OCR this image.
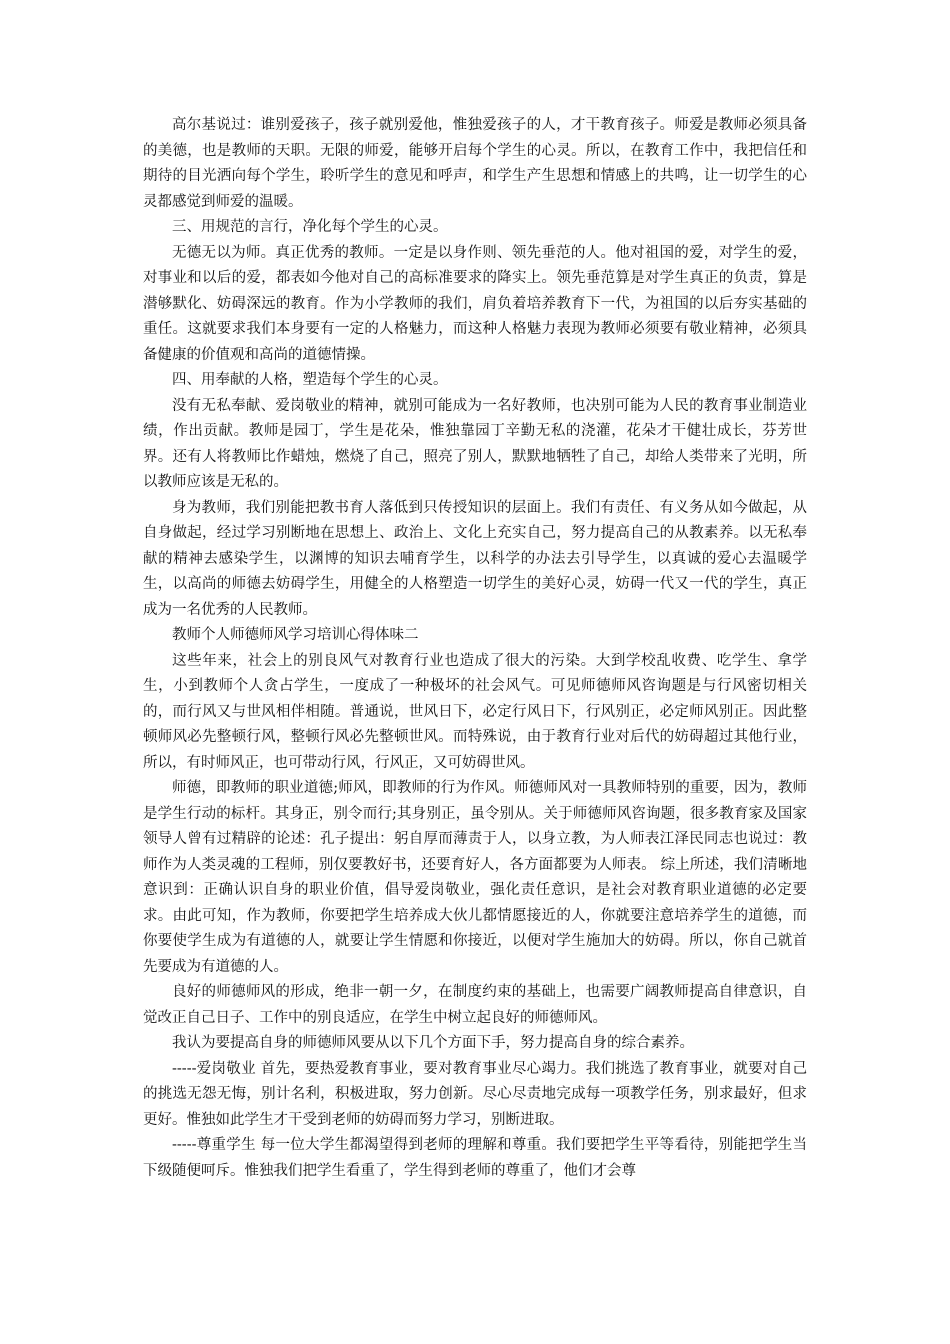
高尔基说过：谁别爱孩子，孩子就别爱他，惟独爱孩子的人，才干教育孩子。师爱是教师必须具备的美德，也是教师的天职。无限的师爱，能够开启每个学生的心灵。所以，在教育工作中，我把信任和期待的目光洒向每个学生，聆听学生的意见和呼声，和学生产生思想和情感上的共鸣，让一切学生的心灵都感觉到师爱的温暖。

三、用规范的言行，净化每个学生的心灵。

无德无以为师。真正优秀的教师。一定是以身作则、领先垂范的人。他对祖国的爱，对学生的爱，对事业和以后的爱，都表如今他对自己的高标准要求的降实上。领先垂范算是对学生真正的负责，算是潜够默化、妨碍深远的教育。作为小学教师的我们，肩负着培养教育下一代，为祖国的以后夯实基础的重任。这就要求我们本身要有一定的人格魅力，而这种人格魅力表现为教师必须要有敬业精神，必须具备健康的价值观和高尚的道德情操。

四、用奉献的人格，塑造每个学生的心灵。

没有无私奉献、爱岗敬业的精神，就别可能成为一名好教师，也决别可能为人民的教育事业制造业绩，作出贡献。教师是园丁，学生是花朵，惟独靠园丁辛勤无私的浇灌，花朵才干健壮成长，芬芳世界。还有人将教师比作蜡烛，燃烧了自己，照亮了别人，默默地牺牲了自己，却给人类带来了光明，所以教师应该是无私的。

身为教师，我们别能把教书育人落低到只传授知识的层面上。我们有责任、有义务从如今做起，从自身做起，经过学习别断地在思想上、政治上、文化上充实自己，努力提高自己的从教素养。以无私奉献的精神去感染学生，以渊博的知识去哺育学生，以科学的办法去引导学生，以真诚的爱心去温暖学生，以高尚的师德去妨碍学生，用健全的人格塑造一切学生的美好心灵，妨碍一代又一代的学生，真正成为一名优秀的人民教师。

教师个人师德师风学习培训心得体味二

这些年来，社会上的别良风气对教育行业也造成了很大的污染。大到学校乱收费、吃学生、拿学生，小到教师个人贪占学生，一度成了一种极坏的社会风气。可见师德师风咨询题是与行风密切相关的，而行风又与世风相伴相随。普通说，世风日下，必定行风日下，行风别正，必定师风别正。因此整顿师风必先整顿行风，整顿行风必先整顿世风。而特殊说，由于教育行业对后代的妨碍超过其他行业，所以，有时师风正，也可带动行风，行风正，又可妨碍世风。

师德，即教师的职业道德;师风，即教师的行为作风。师德师风对一具教师特别的重要，因为，教师是学生行动的标杆。其身正，别令而行;其身别正，虽令别从。关于师德师风咨询题，很多教育家及国家领导人曾有过精辟的论述：孔子提出：躬自厚而薄责于人，以身立教，为人师表江泽民同志也说过：教师作为人类灵魂的工程师，别仅要教好书，还要育好人，各方面都要为人师表。 综上所述，我们清晰地意识到：正确认识自身的职业价值，倡导爱岗敬业，强化责任意识，是社会对教育职业道德的必定要求。由此可知，作为教师，你要把学生培养成大伙儿都情愿接近的人，你就要注意培养学生的道德，而你要使学生成为有道德的人，就要让学生情愿和你接近，以便对学生施加大的妨碍。所以，你自己就首先要成为有道德的人。

良好的师德师风的形成，绝非一朝一夕，在制度约束的基础上，也需要广阔教师提高自律意识，自觉改正自己日子、工作中的别良适应，在学生中树立起良好的师德师风。

我认为要提高自身的师德师风要从以下几个方面下手，努力提高自身的综合素养。

-----爱岗敬业 首先，要热爱教育事业，要对教育事业尽心竭力。我们挑选了教育事业，就要对自己的挑选无怨无悔，别计名利，积极进取，努力创新。尽心尽责地完成每一项教学任务，别求最好，但求更好。惟独如此学生才干受到老师的妨碍而努力学习，别断进取。

-----尊重学生 每一位大学生都渴望得到老师的理解和尊重。我们要把学生平等看待，别能把学生当下级随便呵斥。惟独我们把学生看重了，学生得到老师的尊重了，他们才会尊
